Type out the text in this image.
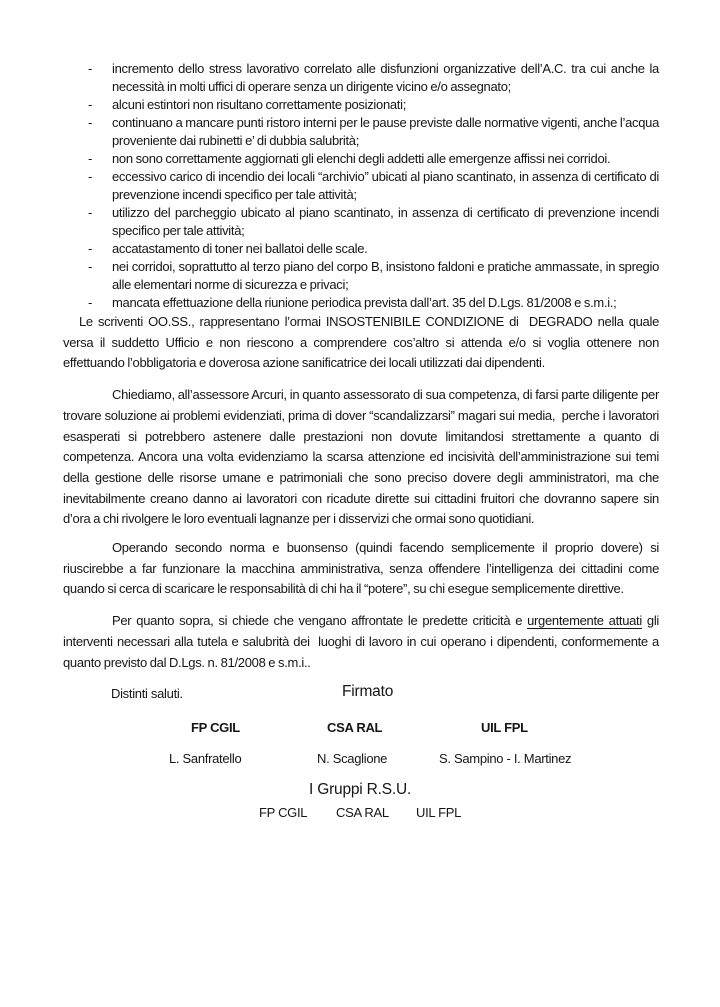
-	incremento dello stress lavorativo correlato alle disfunzioni organizzative dell’A.C. tra cui anche la necessità in molti uffici di operare senza un dirigente vicino e/o assegnato;
-	alcuni estintori non risultano correttamente posizionati;
-	continuano a mancare punti ristoro interni per le pause previste dalle normative vigenti, anche l’acqua proveniente dai rubinetti e’ di dubbia salubrità;
-	non sono correttamente aggiornati gli elenchi degli addetti alle emergenze affissi nei corridoi.
-	eccessivo carico di incendio dei locali “archivio” ubicati al piano scantinato, in assenza di certificato di prevenzione incendi specifico per tale attività;
-	utilizzo del parcheggio ubicato al piano scantinato, in assenza di certificato di prevenzione incendi specifico per tale attività;
-	accatastamento di toner nei ballatoi delle scale.
-	nei corridoi, soprattutto al terzo piano del corpo B, insistono faldoni e pratiche ammassate, in spregio alle elementari norme di sicurezza e privaci;
-	mancata effettuazione della riunione periodica prevista dall’art. 35 del D.Lgs. 81/2008 e s.m.i.;

Le scriventi OO.SS., rappresentano l’ormai INSOSTENIBILE CONDIZIONE di  DEGRADO nella quale versa il suddetto Ufficio e non riescono a comprendere cos’altro si attenda e/o si voglia ottenere non effettuando l’obbligatoria e doverosa azione sanificatrice dei locali utilizzati dai dipendenti.

Chiediamo, all’assessore Arcuri, in quanto assessorato di sua competenza, di farsi parte diligente per trovare soluzione ai problemi evidenziati, prima di dover “scandalizzarsi” magari sui media,  perche i lavoratori esasperati si potrebbero astenere dalle prestazioni non dovute limitandosi strettamente a quanto di competenza. Ancora una volta evidenziamo la scarsa attenzione ed incisività dell’amministrazione sui temi della gestione delle risorse umane e patrimoniali che sono preciso dovere degli amministratori, ma che inevitabilmente creano danno ai lavoratori con ricadute dirette sui cittadini fruitori che dovranno sapere sin d’ora a chi rivolgere le loro eventuali lagnanze per i disservizi che ormai sono quotidiani.

Operando secondo norma e buonsenso (quindi facendo semplicemente il proprio dovere) si riuscirebbe a far funzionare la macchina amministrativa, senza offendere l’intelligenza dei cittadini come quando si cerca di scaricare le responsabilità di chi ha il “potere”, su chi esegue semplicemente direttive.

Per quanto sopra, si chiede che vengano affrontate le predette criticità e urgentemente attuati gli interventi necessari alla tutela e salubrità dei  luoghi di lavoro in cui operano i dipendenti, conformemente a quanto previsto dal D.Lgs. n. 81/2008 e s.m.i..

Distinti saluti.	Firmato
FP CGIL	CSA RAL	UIL FPL
L. Sanfratello	N. Scaglione	S. Sampino - I. Martinez
I Gruppi R.S.U.
FP CGIL CSA RAL UIL FPL
